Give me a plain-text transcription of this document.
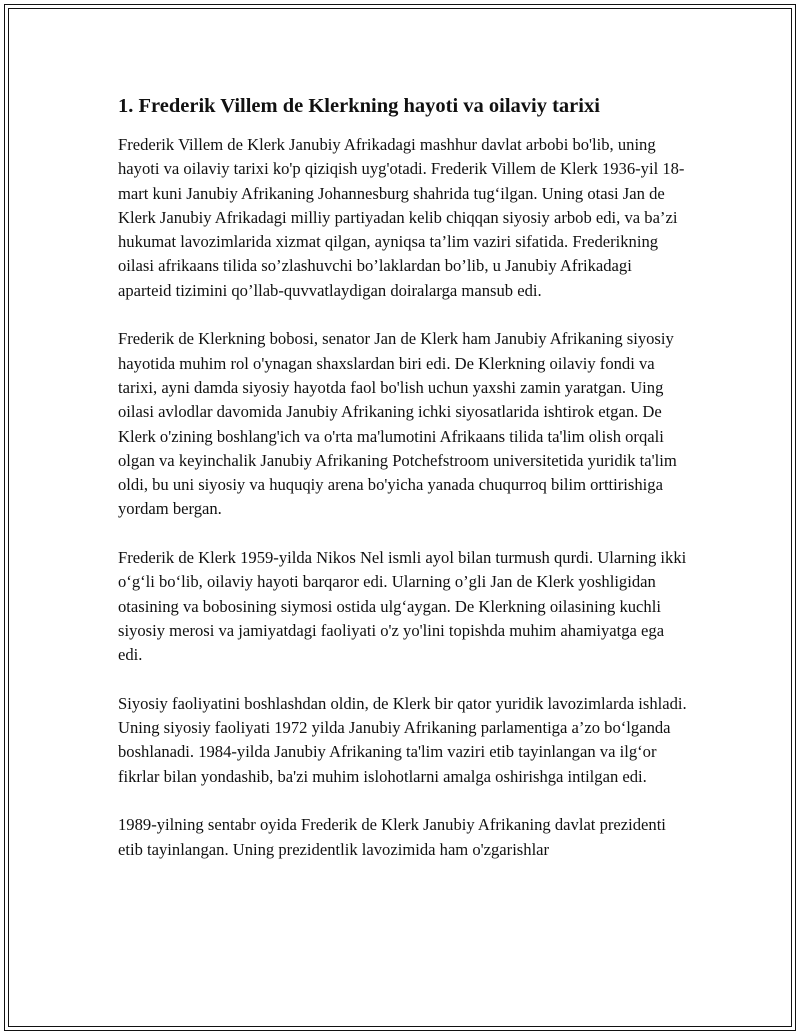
1. Frederik Villem de Klerkning hayoti va oilaviy tarixi

Frederik Villem de Klerk Janubiy Afrikadagi mashhur davlat arbobi bo'lib, uning hayoti va oilaviy tarixi ko'p qiziqish uyg'otadi. Frederik Villem de Klerk 1936-yil 18-mart kuni Janubiy Afrikaning Johannesburg shahrida tug‘ilgan. Uning otasi Jan de Klerk Janubiy Afrikadagi milliy partiyadan kelib chiqqan siyosiy arbob edi, va ba’zi hukumat lavozimlarida xizmat qilgan, ayniqsa ta’lim vaziri sifatida. Frederikning oilasi afrikaans tilida so’zlashuvchi bo’laklardan bo’lib, u Janubiy Afrikadagi aparteid tizimini qo’llab-quvvatlaydigan doiralarga mansub edi.

Frederik de Klerkning bobosi, senator Jan de Klerk ham Janubiy Afrikaning siyosiy hayotida muhim rol o'ynagan shaxslardan biri edi. De Klerkning oilaviy fondi va tarixi, ayni damda siyosiy hayotda faol bo'lish uchun yaxshi zamin yaratgan. Uing oilasi avlodlar davomida Janubiy Afrikaning ichki siyosatlarida ishtirok etgan. De Klerk o'zining boshlang'ich va o'rta ma'lumotini Afrikaans tilida ta'lim olish orqali olgan va keyinchalik Janubiy Afrikaning Potchefstroom universitetida yuridik ta'lim oldi, bu uni siyosiy va huquqiy arena bo'yicha yanada chuqurroq bilim orttirishiga yordam bergan.

Frederik de Klerk 1959-yilda Nikos Nel ismli ayol bilan turmush qurdi. Ularning ikki o‘g‘li bo‘lib, oilaviy hayoti barqaror edi. Ularning o’gli Jan de Klerk yoshligidan otasining va bobosining siymosi ostida ulg‘aygan. De Klerkning oilasining kuchli siyosiy merosi va jamiyatdagi faoliyati o'z yo'lini topishda muhim ahamiyatga ega edi.

Siyosiy faoliyatini boshlashdan oldin, de Klerk bir qator yuridik lavozimlarda ishladi. Uning siyosiy faoliyati 1972 yilda Janubiy Afrikaning parlamentiga a’zo bo‘lganda boshlanadi. 1984-yilda Janubiy Afrikaning ta'lim vaziri etib tayinlangan va ilg‘or fikrlar bilan yondashib, ba'zi muhim islohotlarni amalga oshirishga intilgan edi.

1989-yilning sentabr oyida Frederik de Klerk Janubiy Afrikaning davlat prezidenti etib tayinlangan. Uning prezidentlik lavozimida ham o'zgarishlar
